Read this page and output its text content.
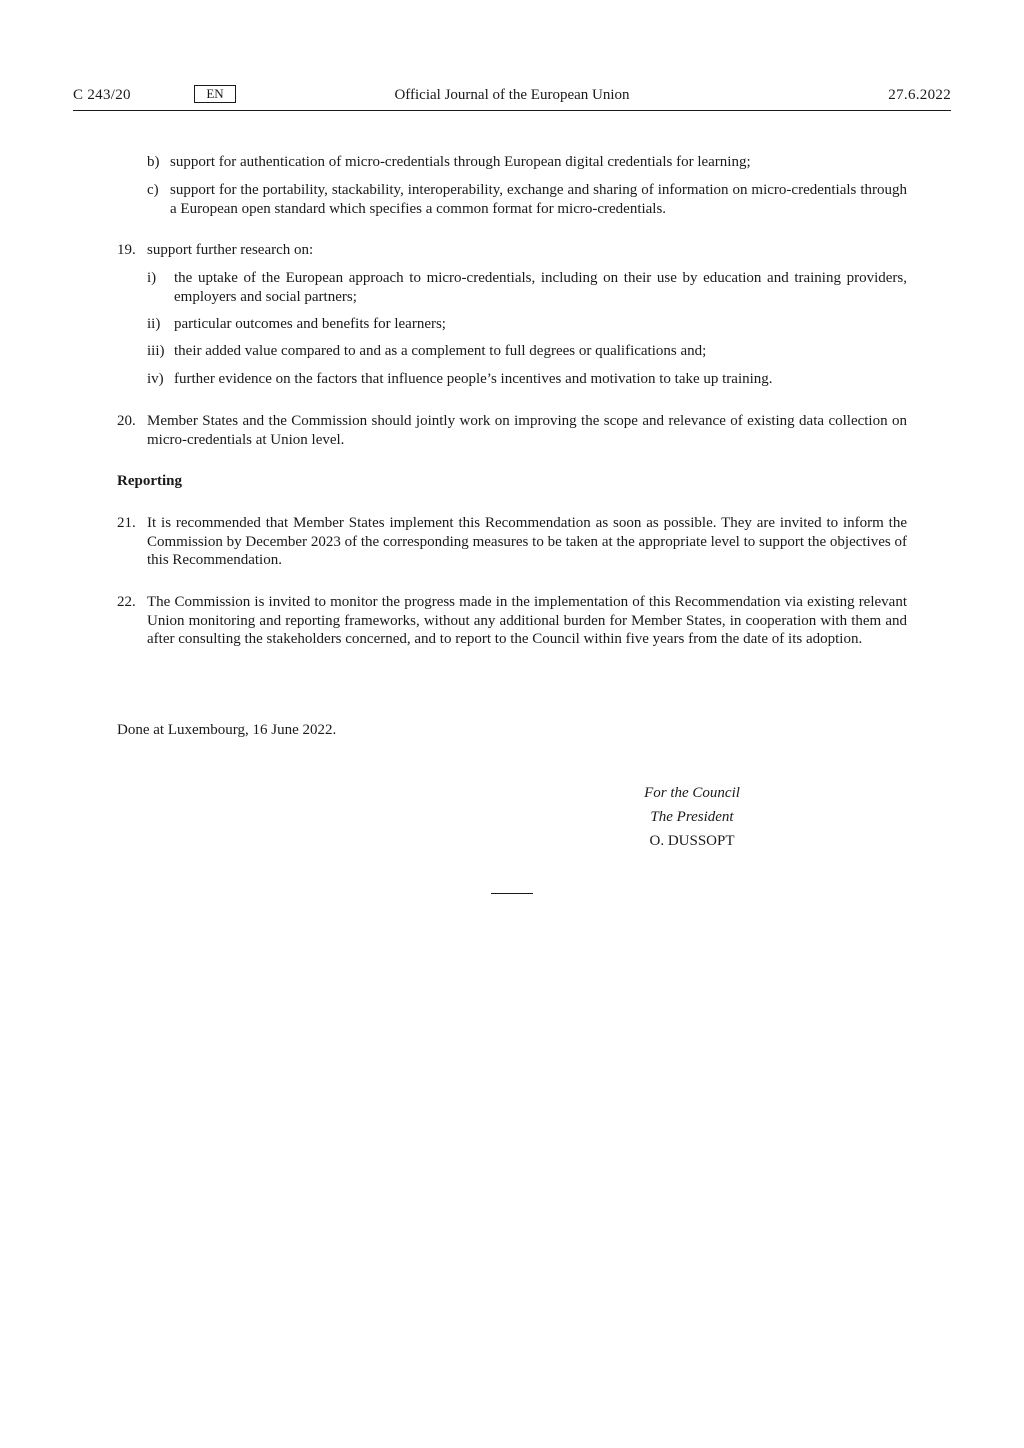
C 243/20	EN	Official Journal of the European Union	27.6.2022
b) support for authentication of micro-credentials through European digital credentials for learning;
c) support for the portability, stackability, interoperability, exchange and sharing of information on micro-credentials through a European open standard which specifies a common format for micro-credentials.
19. support further research on:
i) the uptake of the European approach to micro-credentials, including on their use by education and training providers, employers and social partners;
ii) particular outcomes and benefits for learners;
iii) their added value compared to and as a complement to full degrees or qualifications and;
iv) further evidence on the factors that influence people’s incentives and motivation to take up training.
20. Member States and the Commission should jointly work on improving the scope and relevance of existing data collection on micro-credentials at Union level.
Reporting
21. It is recommended that Member States implement this Recommendation as soon as possible. They are invited to inform the Commission by December 2023 of the corresponding measures to be taken at the appropriate level to support the objectives of this Recommendation.
22. The Commission is invited to monitor the progress made in the implementation of this Recommendation via existing relevant Union monitoring and reporting frameworks, without any additional burden for Member States, in cooperation with them and after consulting the stakeholders concerned, and to report to the Council within five years from the date of its adoption.
Done at Luxembourg, 16 June 2022.
For the Council
The President
O. DUSSOPT
